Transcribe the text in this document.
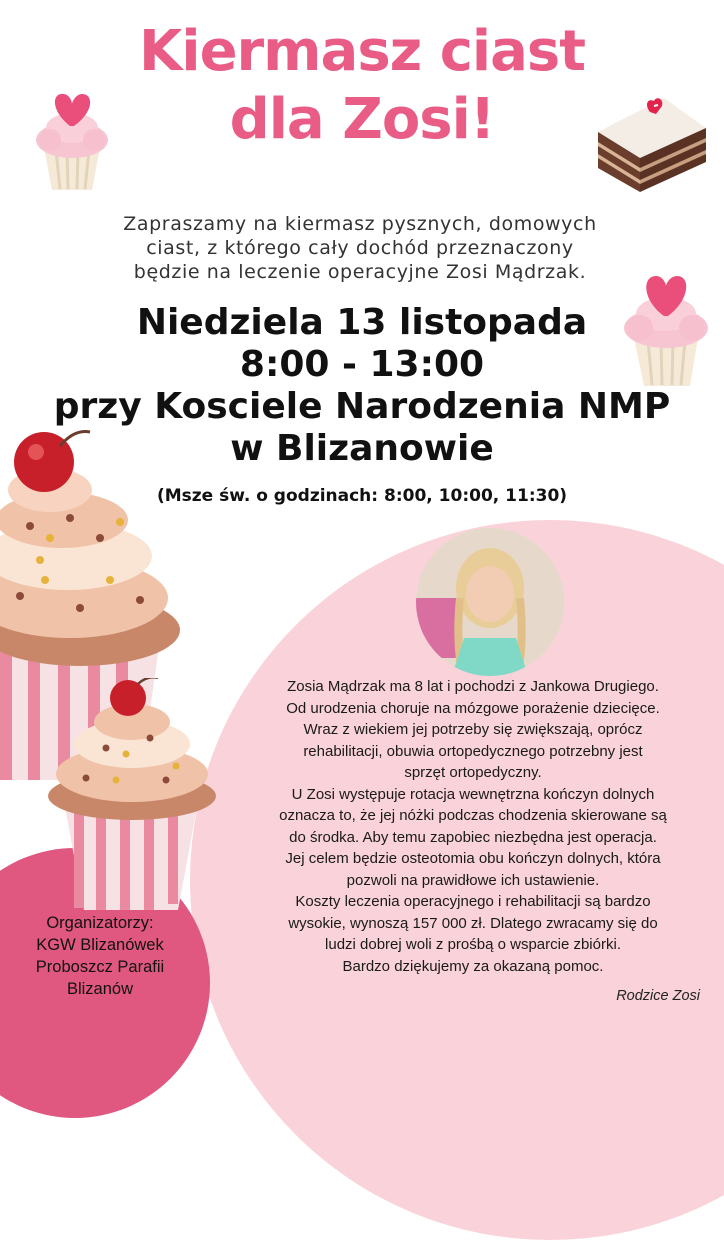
Kiermasz ciast
dla Zosi!
Zapraszamy na kiermasz pysznych, domowych
ciast, z którego cały dochód przeznaczony
będzie na leczenie operacyjne Zosi Mądrzak.
Niedziela 13 listopada
8:00 - 13:00
przy Kosciele Narodzenia NMP
w Blizanowie
(Msze św. o godzinach: 8:00, 10:00, 11:30)
Zosia Mądrzak ma 8 lat i pochodzi z Jankowa Drugiego.
Od urodzenia choruje na mózgowe porażenie dziecięce.
Wraz z wiekiem jej potrzeby się zwiększają, oprócz
rehabilitacji, obuwia ortopedycznego potrzebny jest
sprzęt ortopedyczny.
U Zosi występuje rotacja wewnętrzna kończyn dolnych
oznacza to, że jej nóżki podczas chodzenia skierowane są
do środka. Aby temu zapobiec niezbędna jest operacja.
Jej celem będzie osteotomia obu kończyn dolnych, która
pozwoli na prawidłowe ich ustawienie.
Koszty leczenia operacyjnego i rehabilitacji są bardzo
wysokie, wynoszą 157 000 zł. Dlatego zwracamy się do
ludzi dobrej woli z prośbą o wsparcie zbiórki.
Bardzo dziękujemy za okazaną pomoc.
Rodzice Zosi
Organizatorzy:
KGW Blizanówek
Proboszcz Parafii
Blizanów
